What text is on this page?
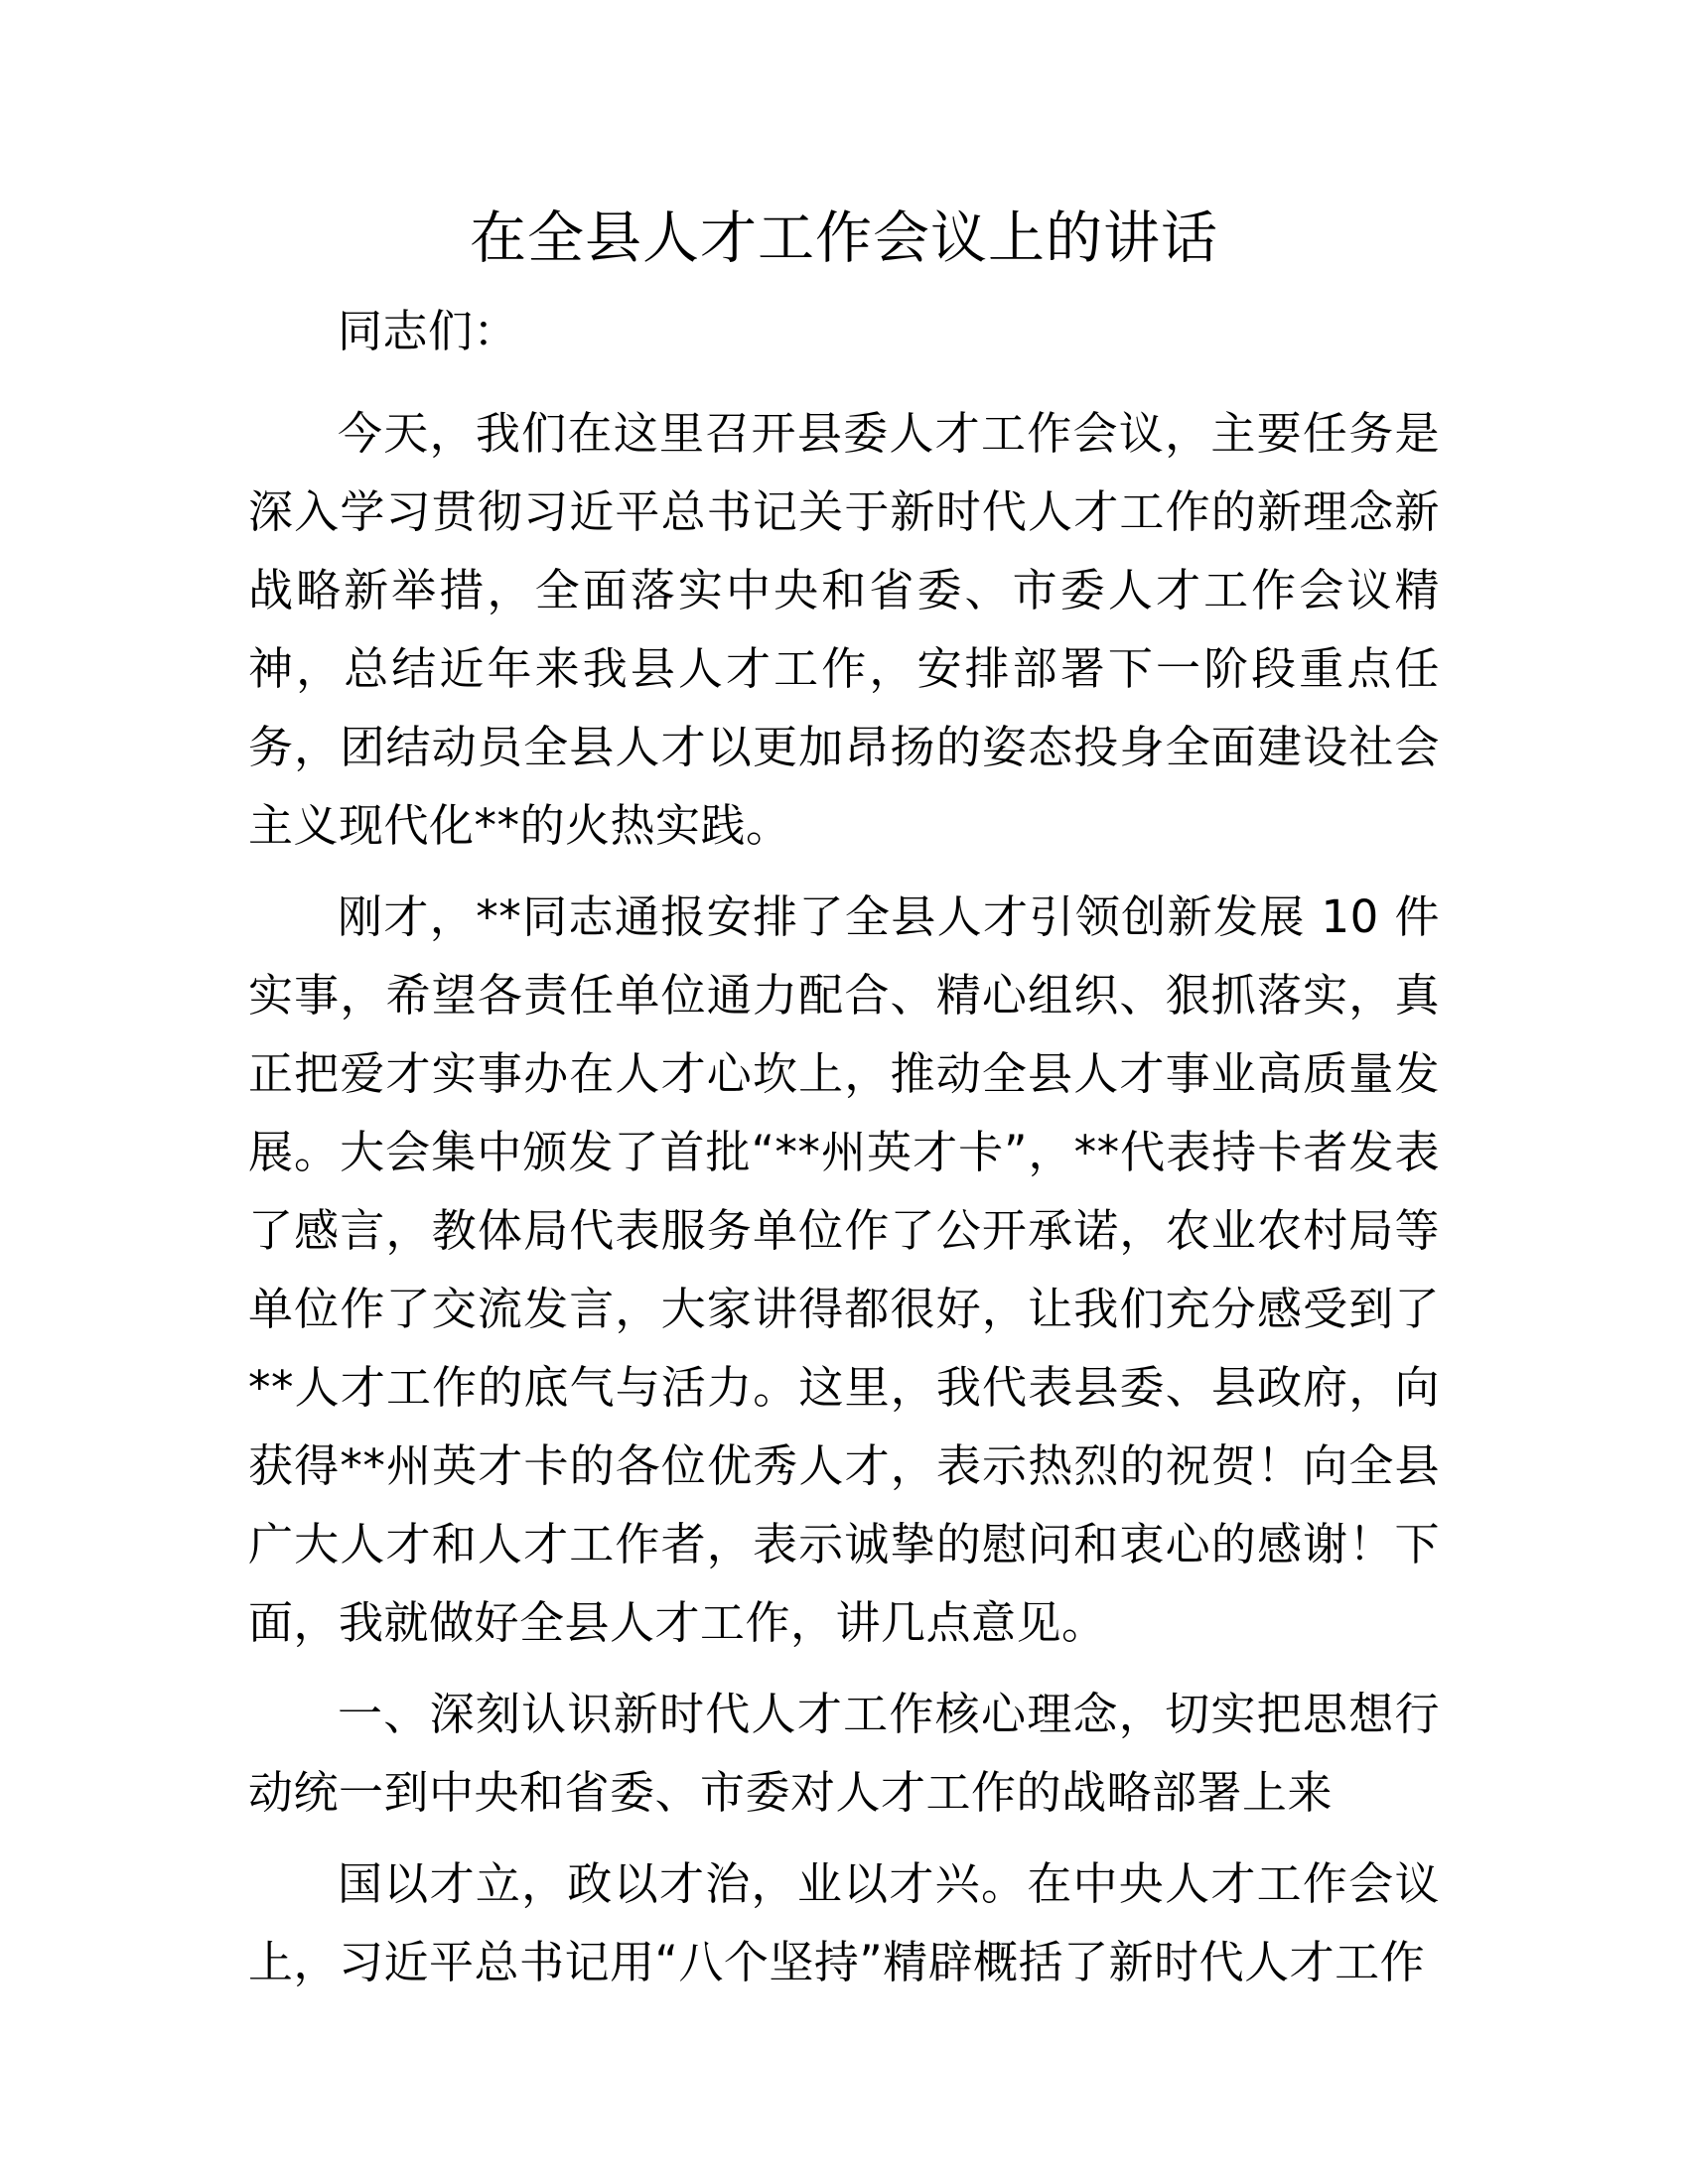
在全县人才工作会议上的讲话

同志们：

今天，我们在这里召开县委人才工作会议，主要任务是深入学习贯彻习近平总书记关于新时代人才工作的新理念新战略新举措，全面落实中央和省委、市委人才工作会议精神，总结近年来我县人才工作，安排部署下一阶段重点任务，团结动员全县人才以更加昂扬的姿态投身全面建设社会主义现代化**的火热实践。

刚才，**同志通报安排了全县人才引领创新发展 10 件实事，希望各责任单位通力配合、精心组织、狠抓落实，真正把爱才实事办在人才心坎上，推动全县人才事业高质量发展。大会集中颁发了首批“**州英才卡”，**代表持卡者发表了感言，教体局代表服务单位作了公开承诺，农业农村局等单位作了交流发言，大家讲得都很好，让我们充分感受到了**人才工作的底气与活力。这里，我代表县委、县政府，向获得**州英才卡的各位优秀人才，表示热烈的祝贺！向全县广大人才和人才工作者，表示诚挚的慰问和衷心的感谢！下面，我就做好全县人才工作，讲几点意见。

一、深刻认识新时代人才工作核心理念，切实把思想行动统一到中央和省委、市委对人才工作的战略部署上来

国以才立，政以才治，业以才兴。在中央人才工作会议上，习近平总书记用“八个坚持”精辟概括了新时代人才工作
